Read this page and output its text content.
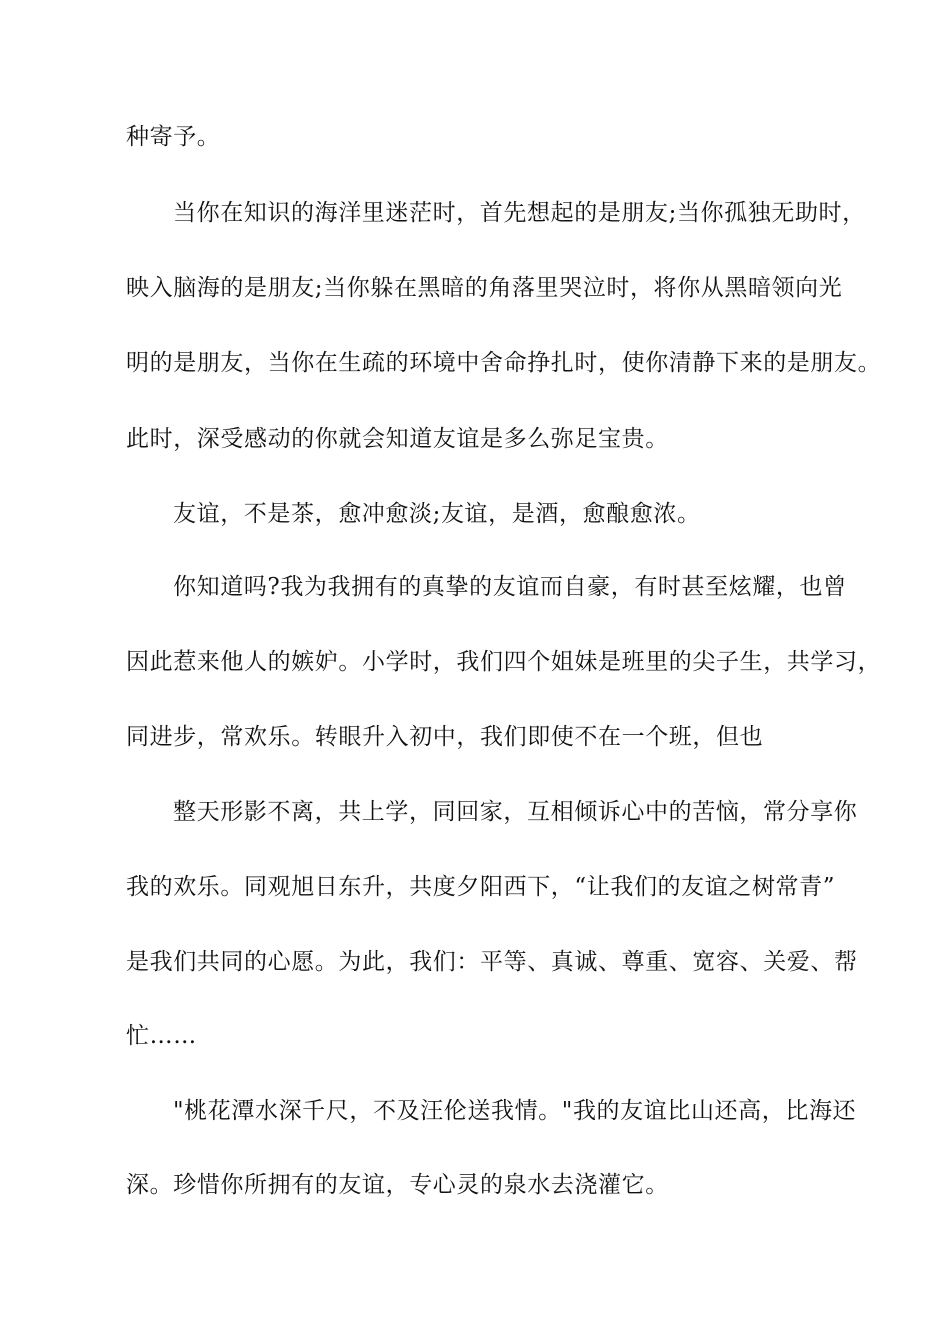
种寄予。
当你在知识的海洋里迷茫时，首先想起的是朋友;当你孤独无助时，
映入脑海的是朋友;当你躲在黑暗的角落里哭泣时，将你从黑暗领向光
明的是朋友，当你在生疏的环境中舍命挣扎时，使你清静下来的是朋友。
此时，深受感动的你就会知道友谊是多么弥足宝贵。
友谊，不是茶，愈冲愈淡;友谊，是酒，愈酿愈浓。
你知道吗?我为我拥有的真挚的友谊而自豪，有时甚至炫耀，也曾
因此惹来他人的嫉妒。小学时，我们四个姐妹是班里的尖子生，共学习，
同进步，常欢乐。转眼升入初中，我们即使不在一个班，但也
整天形影不离，共上学，同回家，互相倾诉心中的苦恼，常分享你
我的欢乐。同观旭日东升，共度夕阳西下，“让我们的友谊之树常青”
是我们共同的心愿。为此，我们：平等、真诚、尊重、宽容、关爱、帮
忙……
"桃花潭水深千尺，不及汪伦送我情。"我的友谊比山还高，比海还
深。珍惜你所拥有的友谊，专心灵的泉水去浇灌它。
